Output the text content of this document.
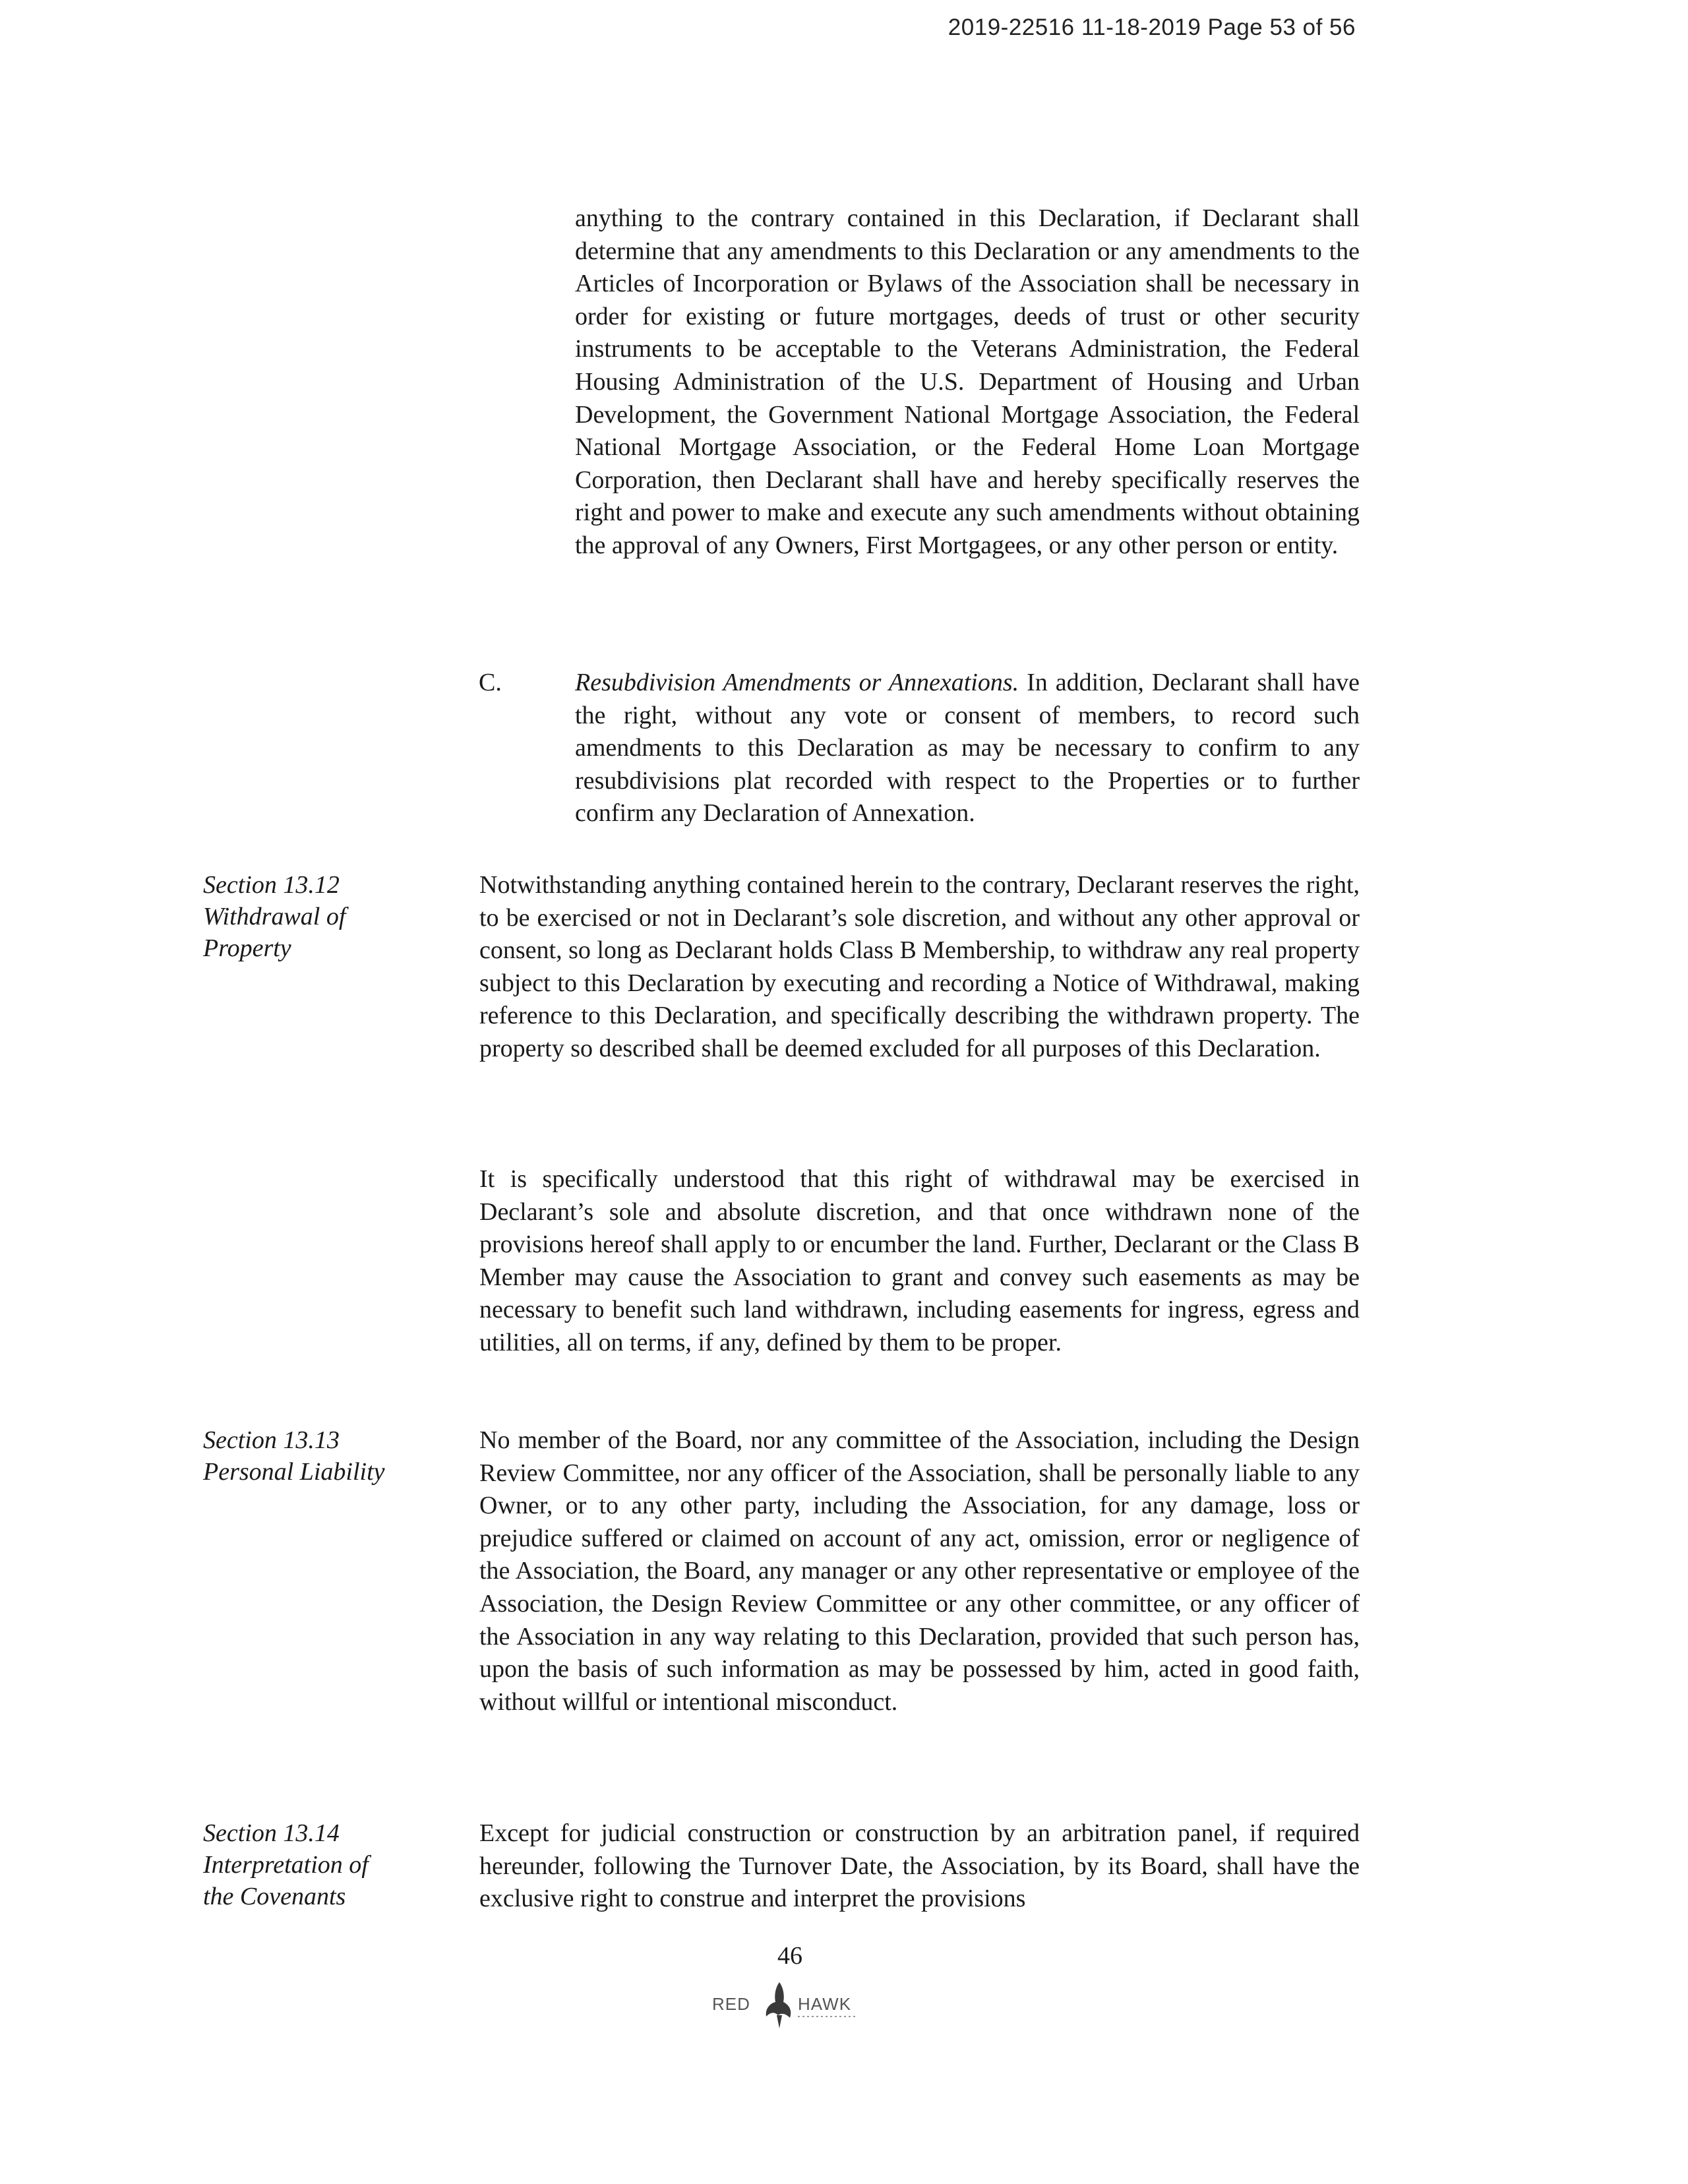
2019-22516 11-18-2019 Page 53 of 56

anything to the contrary contained in this Declaration, if Declarant shall determine that any amendments to this Declaration or any amendments to the Articles of Incorporation or Bylaws of the Association shall be necessary in order for existing or future mortgages, deeds of trust or other security instruments to be acceptable to the Veterans Administration, the Federal Housing Administration of the U.S. Department of Housing and Urban Development, the Government National Mortgage Association, the Federal National Mortgage Association, or the Federal Home Loan Mortgage Corporation, then Declarant shall have and hereby specifically reserves the right and power to make and execute any such amendments without obtaining the approval of any Owners, First Mortgagees, or any other person or entity.

C.	Resubdivision Amendments or Annexations. In addition, Declarant shall have the right, without any vote or consent of members, to record such amendments to this Declaration as may be necessary to confirm to any resubdivisions plat recorded with respect to the Properties or to further confirm any Declaration of Annexation.

Section 13.12
Withdrawal of
Property

Notwithstanding anything contained herein to the contrary, Declarant reserves the right, to be exercised or not in Declarant’s sole discretion, and without any other approval or consent, so long as Declarant holds Class B Membership, to withdraw any real property subject to this Declaration by executing and recording a Notice of Withdrawal, making reference to this Declaration, and specifically describing the withdrawn property. The property so described shall be deemed excluded for all purposes of this Declaration.

It is specifically understood that this right of withdrawal may be exercised in Declarant’s sole and absolute discretion, and that once withdrawn none of the provisions hereof shall apply to or encumber the land. Further, Declarant or the Class B Member may cause the Association to grant and convey such easements as may be necessary to benefit such land withdrawn, including easements for ingress, egress and utilities, all on terms, if any, defined by them to be proper.

Section 13.13
Personal Liability

No member of the Board, nor any committee of the Association, including the Design Review Committee, nor any officer of the Association, shall be personally liable to any Owner, or to any other party, including the Association, for any damage, loss or prejudice suffered or claimed on account of any act, omission, error or negligence of the Association, the Board, any manager or any other representative or employee of the Association, the Design Review Committee or any other committee, or any officer of the Association in any way relating to this Declaration, provided that such person has, upon the basis of such information as may be possessed by him, acted in good faith, without willful or intentional misconduct.

Section 13.14
Interpretation of
the Covenants

Except for judicial construction or construction by an arbitration panel, if required hereunder, following the Turnover Date, the Association, by its Board, shall have the exclusive right to construe and interpret the provisions

46
RED	HAWK
